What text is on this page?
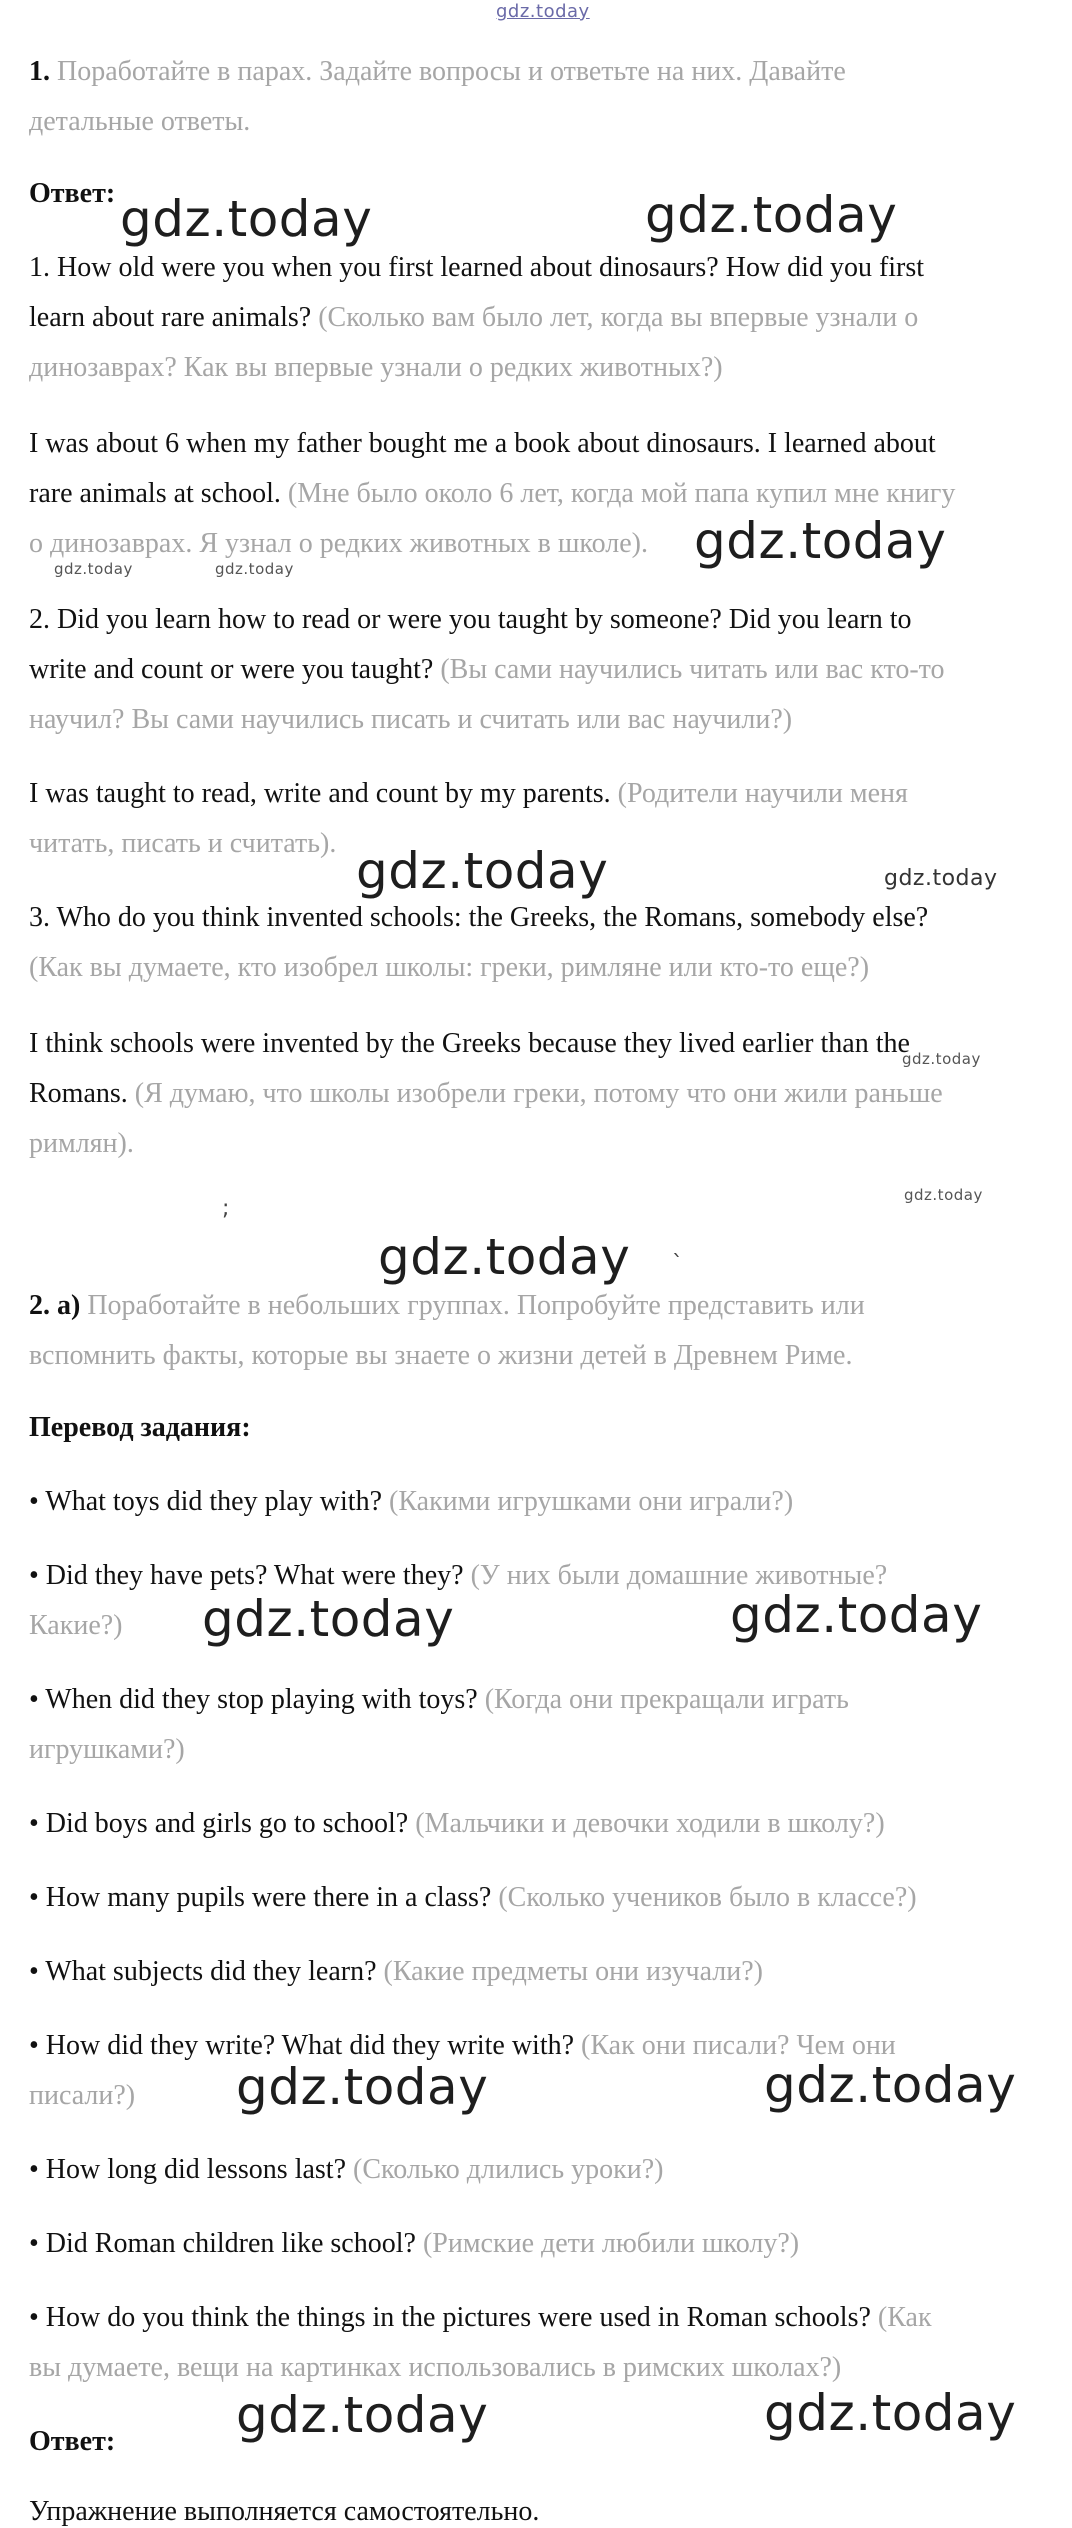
gdz.today
1. Поработайте в парах. Задайте вопросы и ответьте на них. Давайте
детальные ответы.
Ответ:
1. How old were you when you first learned about dinosaurs? How did you first
learn about rare animals? (Сколько вам было лет, когда вы впервые узнали о
динозаврах? Как вы впервые узнали о редких животных?)
I was about 6 when my father bought me a book about dinosaurs. I learned about
rare animals at school. (Мне было около 6 лет, когда мой папа купил мне книгу
о динозаврах. Я узнал о редких животных в школе).
2. Did you learn how to read or were you taught by someone? Did you learn to
write and count or were you taught? (Вы сами научились читать или вас кто-то
научил? Вы сами научились писать и считать или вас научили?)
I was taught to read, write and count by my parents. (Родители научили меня
читать, писать и считать).
3. Who do you think invented schools: the Greeks, the Romans, somebody else?
(Как вы думаете, кто изобрел школы: греки, римляне или кто-то еще?)
I think schools were invented by the Greeks because they lived earlier than the
Romans. (Я думаю, что школы изобрели греки, потому что они жили раньше
римлян).
2. а) Поработайте в небольших группах. Попробуйте представить или
вспомнить факты, которые вы знаете о жизни детей в Древнем Риме.
Перевод задания:
• What toys did they play with? (Какими игрушками они играли?)
• Did they have pets? What were they? (У них были домашние животные?
Какие?)
• When did they stop playing with toys? (Когда они прекращали играть
игрушками?)
• Did boys and girls go to school? (Мальчики и девочки ходили в школу?)
• How many pupils were there in a class? (Сколько учеников было в классе?)
• What subjects did they learn? (Какие предметы они изучали?)
• How did they write? What did they write with? (Как они писали? Чем они
писали?)
• How long did lessons last? (Сколько длились уроки?)
• Did Roman children like school? (Римские дети любили школу?)
• How do you think the things in the pictures were used in Roman schools? (Как
вы думаете, вещи на картинках использовались в римских школах?)
Ответ:
Упражнение выполняется самостоятельно.
gdz.today	gdz.today
gdz.today
gdz.today	gdz.today
gdz.today	gdz.today
gdz.today
gdz.today
gdz.today
gdz.today	gdz.today
gdz.today	gdz.today
gdz.today	gdz.today
;
`
